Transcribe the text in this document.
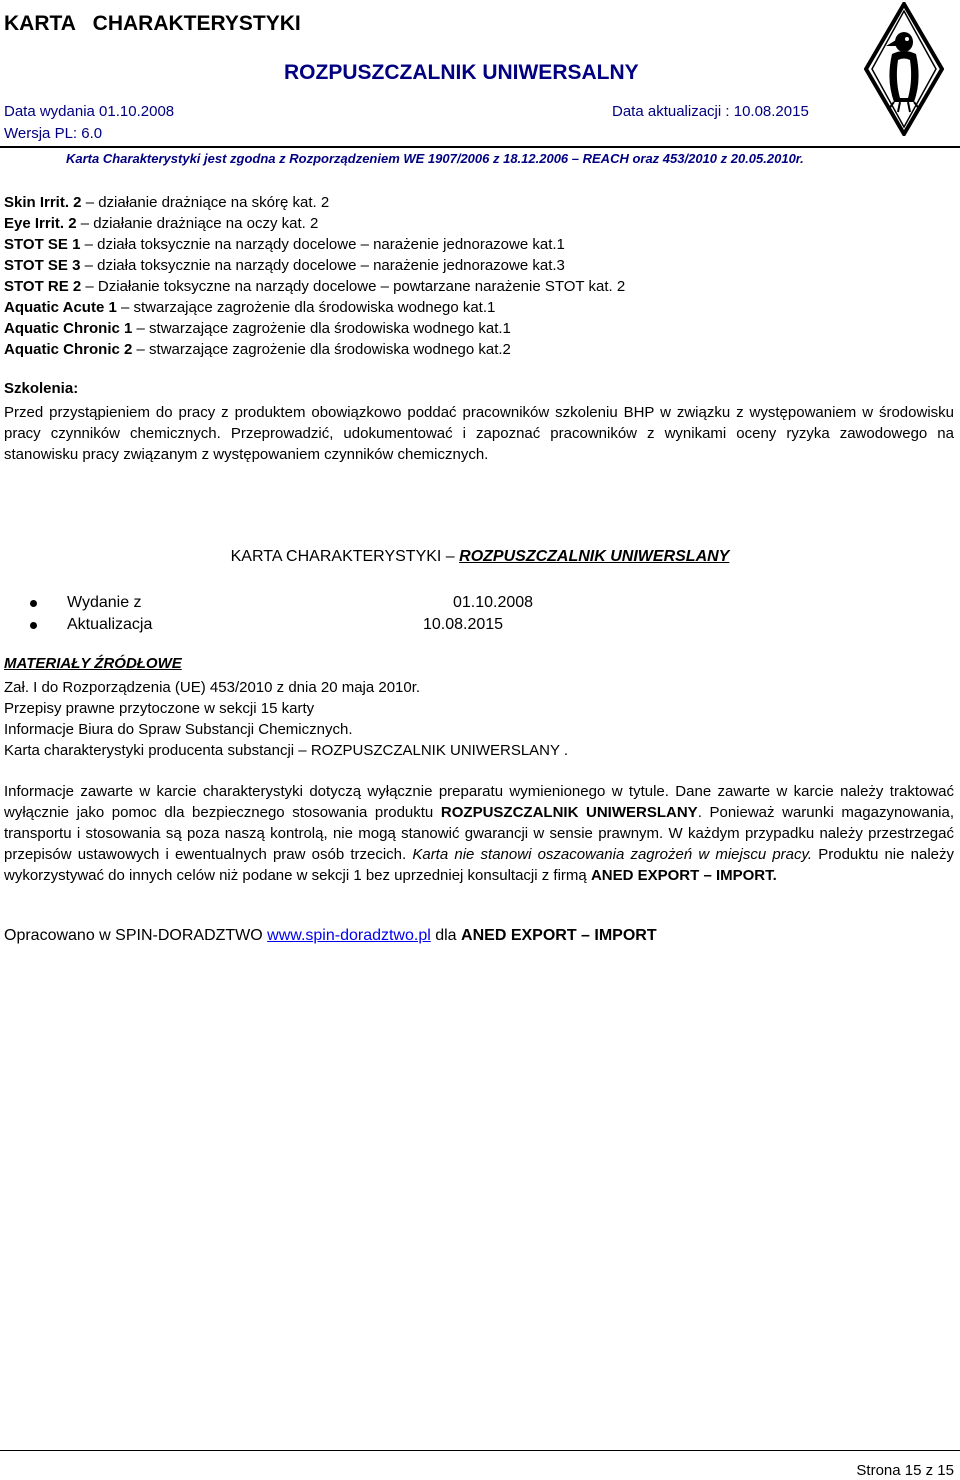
KARTA   CHARAKTERYSTYKI
ROZPUSZCZALNIK UNIWERSALNY
Data wydania 01.10.2008	Data aktualizacji : 10.08.2015
Wersja PL: 6.0
Karta Charakterystyki jest zgodna z Rozporządzeniem WE 1907/2006 z 18.12.2006 – REACH oraz 453/2010 z 20.05.2010r.
Skin Irrit. 2 – działanie drażniące na skórę kat. 2
Eye Irrit. 2 – działanie drażniące na oczy kat. 2
STOT SE 1 – działa toksycznie na narządy docelowe – narażenie jednorazowe kat.1
STOT SE 3 – działa toksycznie na narządy docelowe – narażenie jednorazowe kat.3
STOT RE 2 – Działanie toksyczne na narządy docelowe – powtarzane narażenie STOT kat. 2
Aquatic Acute 1 – stwarzające zagrożenie dla środowiska wodnego kat.1
Aquatic Chronic 1 – stwarzające zagrożenie dla środowiska wodnego kat.1
Aquatic Chronic 2 – stwarzające zagrożenie dla środowiska wodnego kat.2
Szkolenia:
Przed przystąpieniem do pracy z produktem obowiązkowo poddać pracowników szkoleniu BHP w związku z występowaniem w środowisku pracy czynników chemicznych. Przeprowadzić, udokumentować i zapoznać pracowników z wynikami oceny ryzyka zawodowego na stanowisku pracy związanym z występowaniem czynników chemicznych.
KARTA CHARAKTERYSTYKI – ROZPUSZCZALNIK UNIWERSLANY
Wydanie z	01.10.2008
Aktualizacja	10.08.2015
MATERIAŁY ŹRÓDŁOWE
Zał. I do Rozporządzenia (UE) 453/2010 z dnia 20 maja 2010r.
Przepisy prawne przytoczone w sekcji 15 karty
Informacje Biura do Spraw Substancji Chemicznych.
Karta charakterystyki producenta substancji – ROZPUSZCZALNIK UNIWERSLANY .
Informacje zawarte w karcie charakterystyki dotyczą wyłącznie preparatu wymienionego w tytule. Dane zawarte w karcie należy traktować wyłącznie jako pomoc dla bezpiecznego stosowania produktu ROZPUSZCZALNIK UNIWERSLANY. Ponieważ warunki magazynowania, transportu i stosowania są poza naszą kontrolą, nie mogą stanowić gwarancji w sensie prawnym. W każdym przypadku należy przestrzegać przepisów ustawowych i ewentualnych praw osób trzecich. Karta nie stanowi oszacowania zagrożeń w miejscu pracy. Produktu nie należy wykorzystywać do innych celów niż podane w sekcji 1 bez uprzedniej konsultacji z firmą ANED EXPORT – IMPORT.
Opracowano w SPIN-DORADZTWO www.spin-doradztwo.pl dla ANED EXPORT – IMPORT
Strona 15 z 15
